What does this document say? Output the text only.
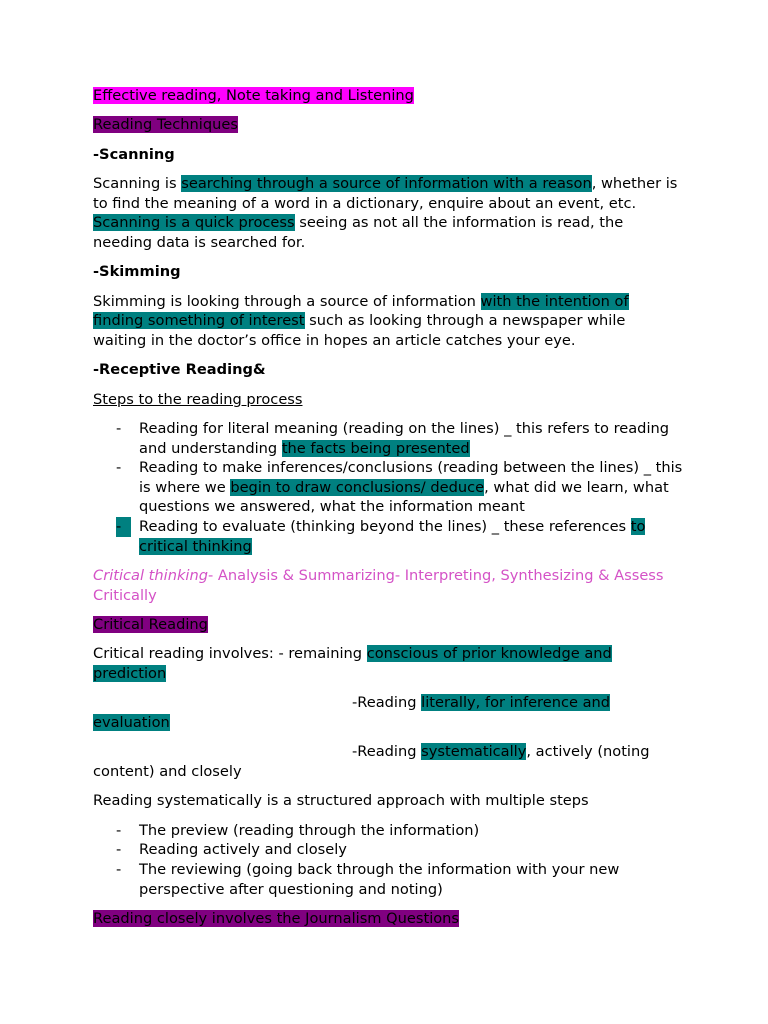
Effective reading, Note taking and Listening

Reading Techniques

-Scanning

Scanning is searching through a source of information with a reason, whether is to find the meaning of a word in a dictionary, enquire about an event, etc. Scanning is a quick process seeing as not all the information is read, the needing data is searched for.

-Skimming

Skimming is looking through a source of information with the intention of finding something of interest such as looking through a newspaper while waiting in the doctor’s office in hopes an article catches your eye.

-Receptive Reading&

Steps to the reading process

- Reading for literal meaning (reading on the lines) _ this refers to reading and understanding the facts being presented
- Reading to make inferences/conclusions (reading between the lines) _ this is where we begin to draw conclusions/ deduce, what did we learn, what questions we answered, what the information meant
-	Reading to evaluate (thinking beyond the lines) _ these references to critical thinking

Critical thinking- Analysis & Summarizing- Interpreting, Synthesizing & Assess Critically

Critical Reading

Critical reading involves: - remaining conscious of prior knowledge and prediction

-Reading literally, for inference and
evaluation

-Reading systematically, actively (noting
content) and closely

Reading systematically is a structured approach with multiple steps

- The preview (reading through the information)
- Reading actively and closely
- The reviewing (going back through the information with your new perspective after questioning and noting)

Reading closely involves the Journalism Questions
